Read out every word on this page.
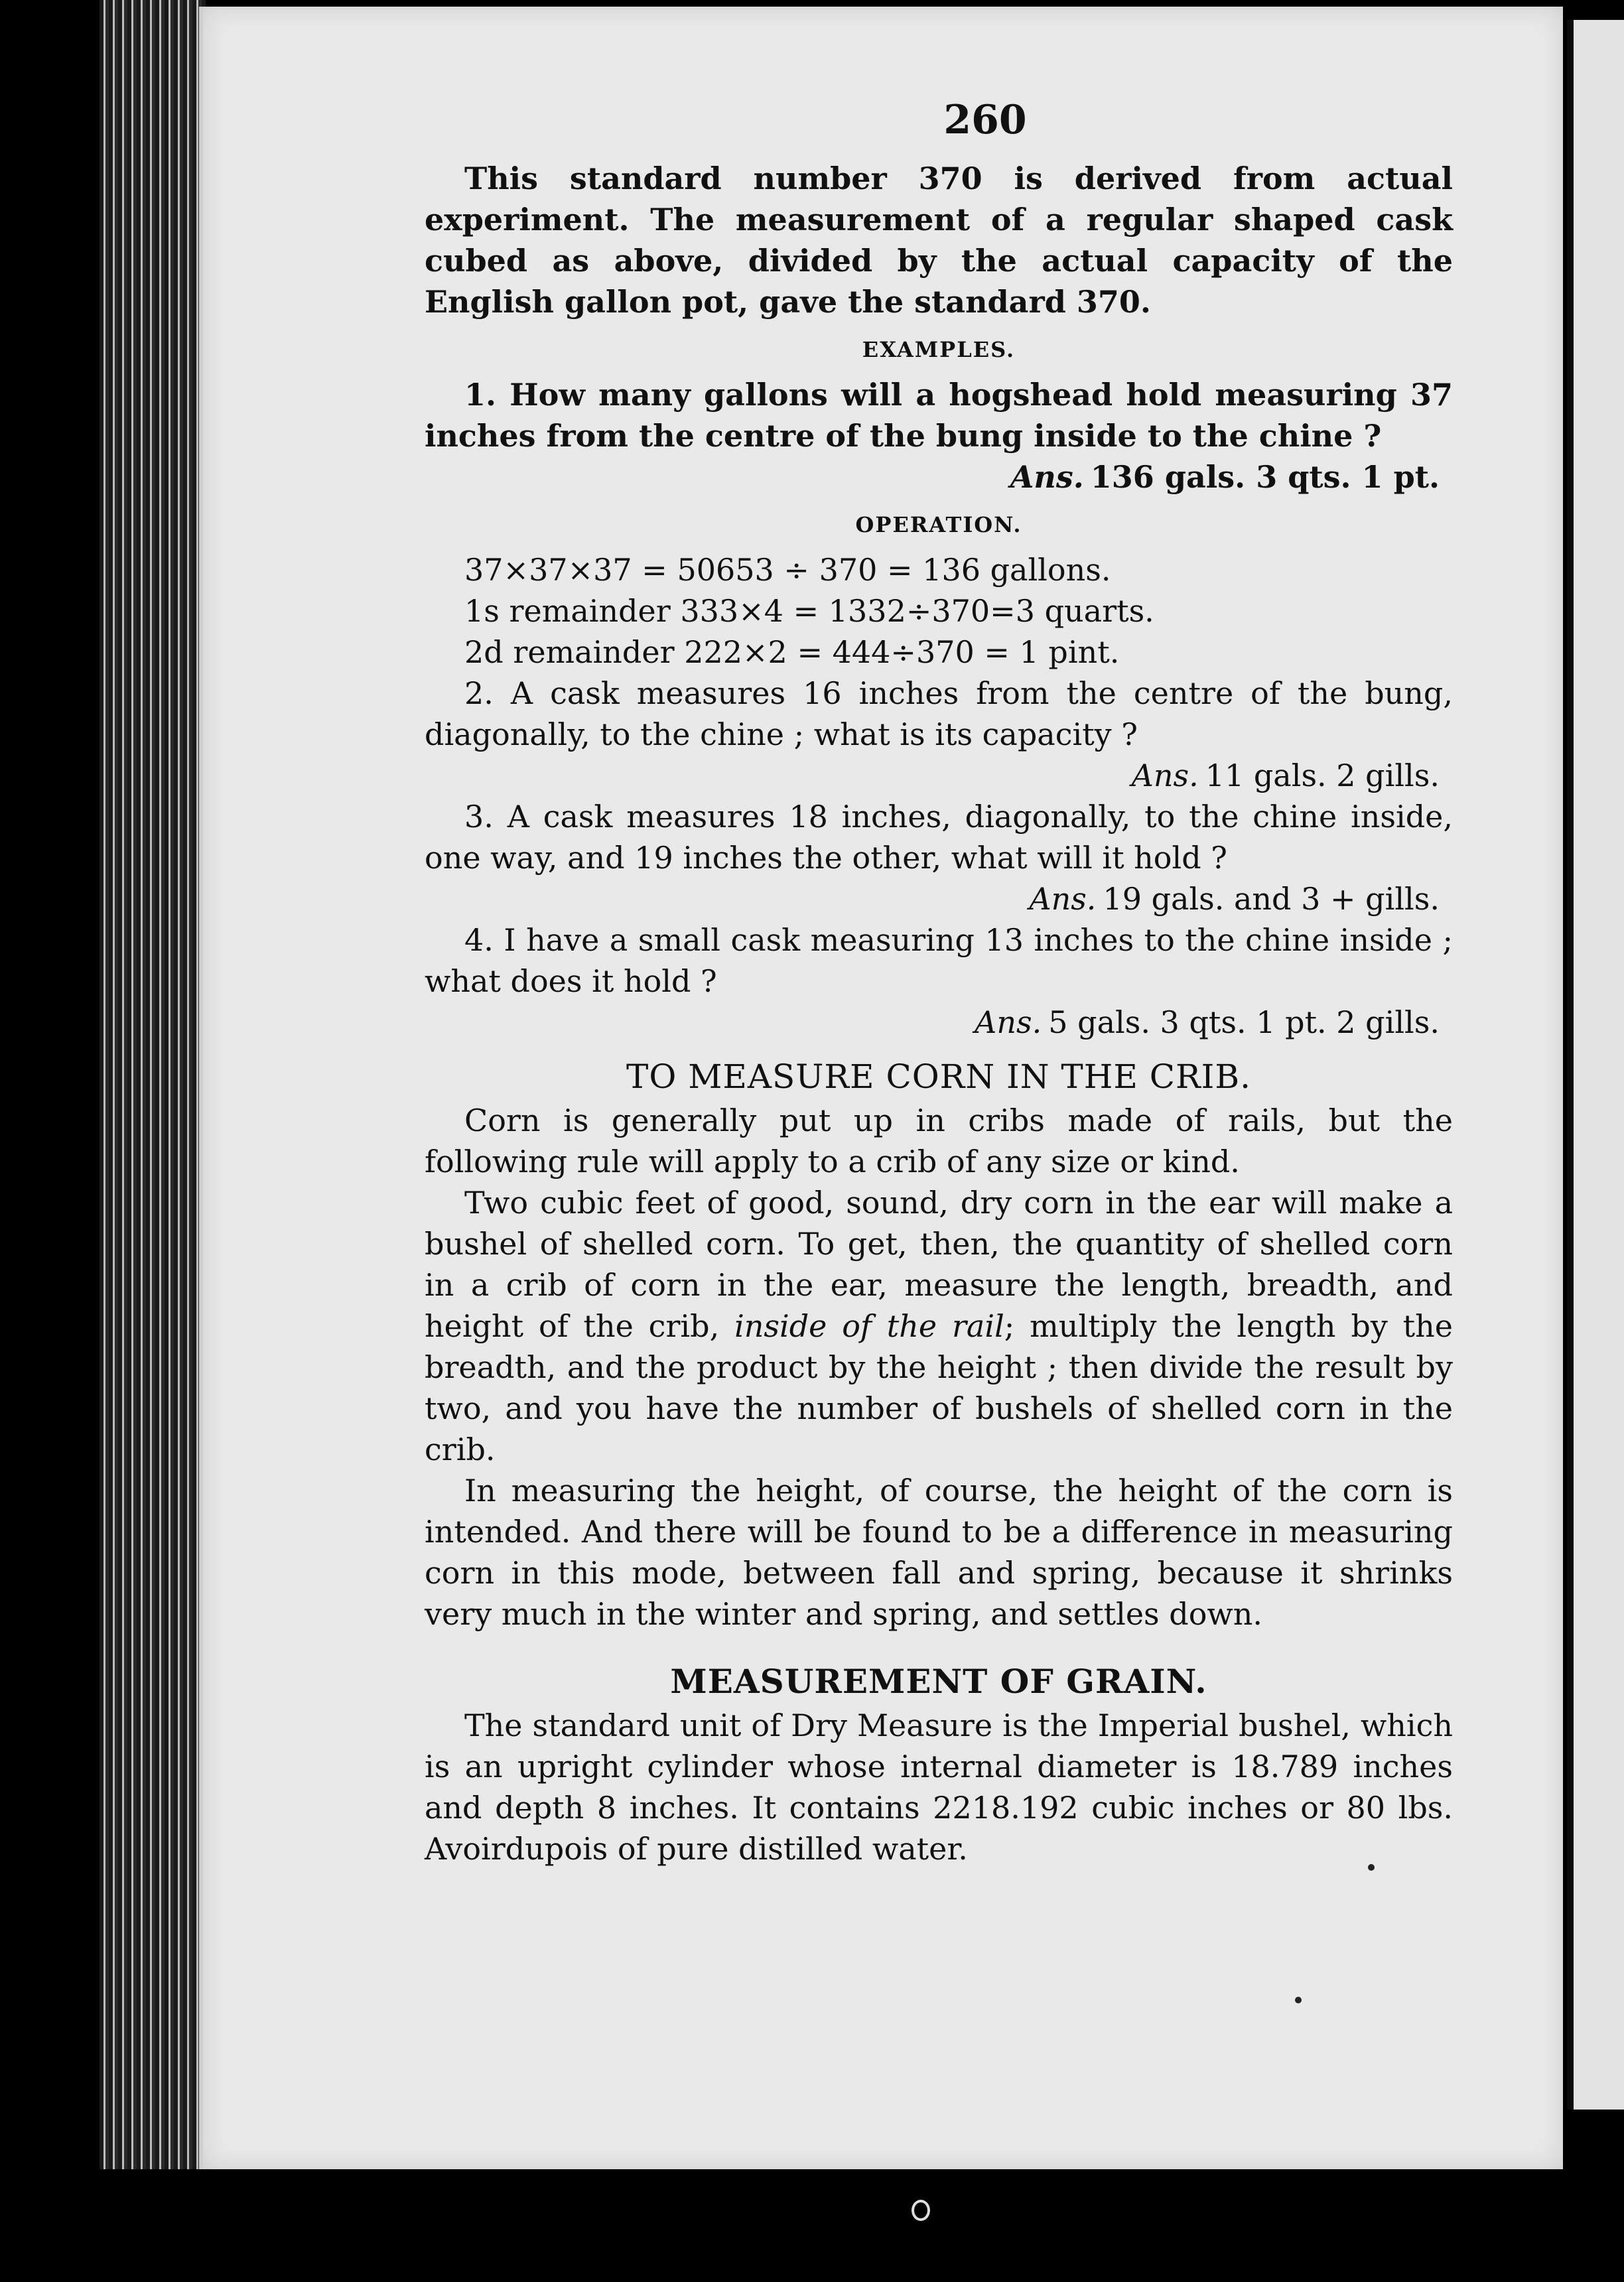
260

This standard number 370 is derived from actual experiment. The measurement of a regular shaped cask cubed as above, divided by the actual capacity of the English gallon pot, gave the standard 370.

EXAMPLES.

1. How many gallons will a hogshead hold measuring 37 inches from the centre of the bung inside to the chine ?

Ans. 136 gals. 3 qts. 1 pt.
OPERATION.
37×37×37 = 50653 ÷ 370 = 136 gallons.
1s remainder 333×4 = 1332÷370=3 quarts.
2d remainder 222×2 = 444÷370 = 1 pint.

2. A cask measures 16 inches from the centre of the bung, diagonally, to the chine ; what is its capacity ?

Ans. 11 gals. 2 gills.

3. A cask measures 18 inches, diagonally, to the chine inside, one way, and 19 inches the other, what will it hold ?

Ans. 19 gals. and 3 + gills.

4. I have a small cask measuring 13 inches to the chine inside ; what does it hold ?

Ans. 5 gals. 3 qts. 1 pt. 2 gills.
TO MEASURE CORN IN THE CRIB.

Corn is generally put up in cribs made of rails, but the following rule will apply to a crib of any size or kind.

Two cubic feet of good, sound, dry corn in the ear will make a bushel of shelled corn. To get, then, the quantity of shelled corn in a crib of corn in the ear, measure the length, breadth, and height of the crib, inside of the rail; multiply the length by the breadth, and the product by the height ; then divide the result by two, and you have the number of bushels of shelled corn in the crib.

In measuring the height, of course, the height of the corn is intended. And there will be found to be a difference in measuring corn in this mode, between fall and spring, because it shrinks very much in the winter and spring, and settles down.

MEASUREMENT OF GRAIN.

The standard unit of Dry Measure is the Imperial bushel, which is an upright cylinder whose internal diameter is 18.789 inches and depth 8 inches. It contains 2218.192 cubic inches or 80 lbs. Avoirdupois of pure distilled water.
